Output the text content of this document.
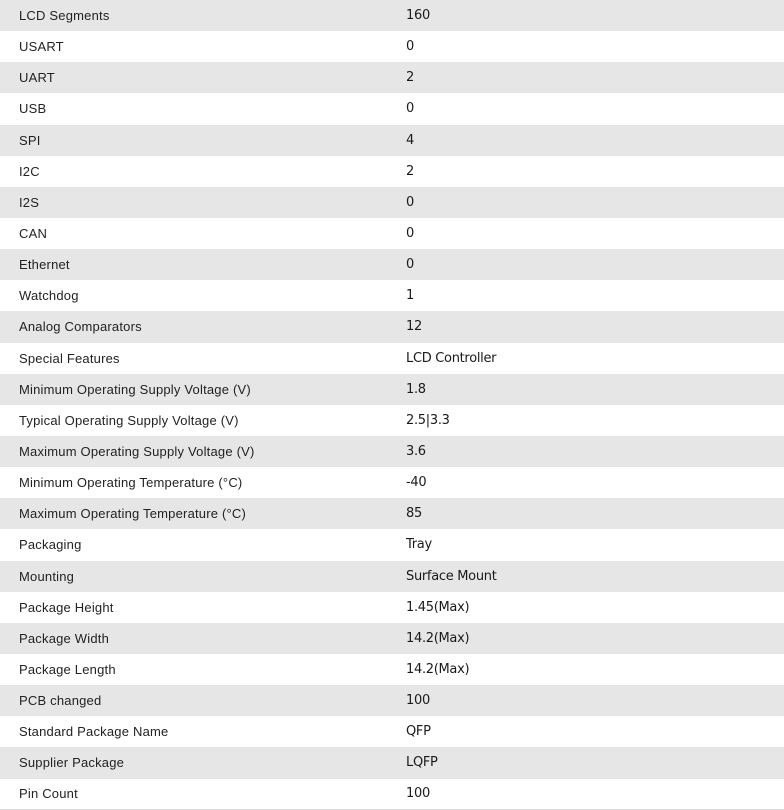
LCD Segments	160
USART	0
UART	2
USB	0
SPI	4
I2C	2
I2S	0
CAN	0
Ethernet	0
Watchdog	1
Analog Comparators	12
Special Features	LCD Controller
Minimum Operating Supply Voltage (V)	1.8
Typical Operating Supply Voltage (V)	2.5|3.3
Maximum Operating Supply Voltage (V)	3.6
Minimum Operating Temperature (°C)	-40
Maximum Operating Temperature (°C)	85
Packaging	Tray
Mounting	Surface Mount
Package Height	1.45(Max)
Package Width	14.2(Max)
Package Length	14.2(Max)
PCB changed	100
Standard Package Name	QFP
Supplier Package	LQFP
Pin Count	100
